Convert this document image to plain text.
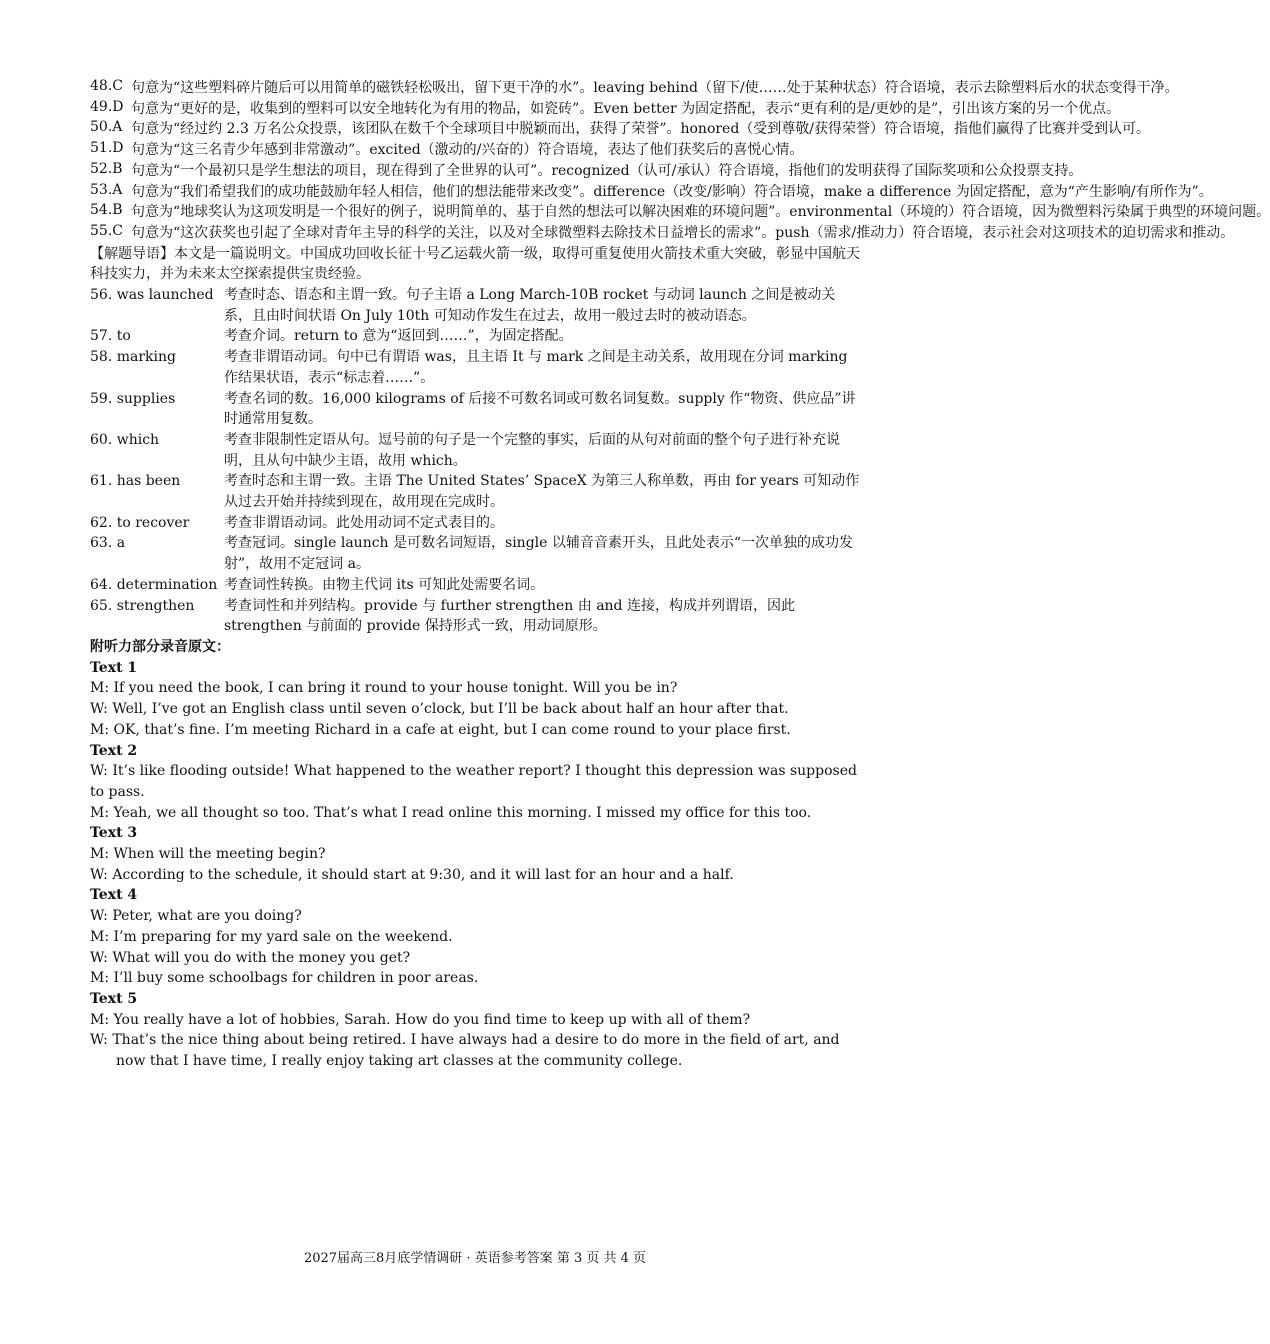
48.C 句意为“这些塑料碎片随后可以用简单的磁铁轻松吸出，留下更干净的水”。leaving behind（留下/使……处于某种状态）符合语境，表示去除塑料后水的状态变得干净。
49.D 句意为“更好的是，收集到的塑料可以安全地转化为有用的物品，如瓷砖”。Even better 为固定搭配，表示“更有利的是/更妙的是”，引出该方案的另一个优点。
50.A 句意为“经过约 2.3 万名公众投票，该团队在数千个全球项目中脱颖而出，获得了荣誉”。honored（受到尊敬/获得荣誉）符合语境，指他们赢得了比赛并受到认可。
51.D 句意为“这三名青少年感到非常激动”。excited（激动的/兴奋的）符合语境，表达了他们获奖后的喜悦心情。
52.B 句意为“一个最初只是学生想法的项目，现在得到了全世界的认可”。recognized（认可/承认）符合语境，指他们的发明获得了国际奖项和公众投票支持。
53.A 句意为“我们希望我们的成功能鼓励年轻人相信，他们的想法能带来改变”。difference（改变/影响）符合语境，make a difference 为固定搭配，意为“产生影响/有所作为”。
54.B 句意为“地球奖认为这项发明是一个很好的例子，说明简单的、基于自然的想法可以解决困难的环境问题”。environmental（环境的）符合语境，因为微塑料污染属于典型的环境问题。
55.C 句意为“这次获奖也引起了全球对青年主导的科学的关注，以及对全球微塑料去除技术日益增长的需求”。push（需求/推动力）符合语境，表示社会对这项技术的迫切需求和推动。
【解题导语】本文是一篇说明文。中国成功回收长征十号乙运载火箭一级，取得可重复使用火箭技术重大突破，彰显中国航天科技实力，并为未来太空探索提供宝贵经验。
56. was launched 考查时态、语态和主谓一致。句子主语 a Long March-10B rocket 与动词 launch 之间是被动关系，且由时间状语 On July 10th 可知动作发生在过去，故用一般过去时的被动语态。
57. to	考查介词。return to 意为“返回到……”，为固定搭配。
58. marking	考查非谓语动词。句中已有谓语 was，且主语 It 与 mark 之间是主动关系，故用现在分词 marking 作结果状语，表示“标志着……”。
59. supplies	考查名词的数。16,000 kilograms of 后接不可数名词或可数名词复数。supply 作“物资、供应品”讲时通常用复数。
60. which	考查非限制性定语从句。逗号前的句子是一个完整的事实，后面的从句对前面的整个句子进行补充说明，且从句中缺少主语，故用 which。
61. has been	考查时态和主谓一致。主语 The United States’ SpaceX 为第三人称单数，再由 for years 可知动作从过去开始并持续到现在，故用现在完成时。
62. to recover	考查非谓语动词。此处用动词不定式表目的。
63. a	考查冠词。single launch 是可数名词短语，single 以辅音音素开头，且此处表示“一次单独的成功发射”，故用不定冠词 a。
64. determination 考查词性转换。由物主代词 its 可知此处需要名词。
65. strengthen	考查词性和并列结构。provide 与 further strengthen 由 and 连接，构成并列谓语，因此 strengthen 与前面的 provide 保持形式一致，用动词原形。
附听力部分录音原文：
Text 1
M: If you need the book, I can bring it round to your house tonight. Will you be in?
W: Well, I’ve got an English class until seven o’clock, but I’ll be back about half an hour after that.
M: OK, that’s fine. I’m meeting Richard in a cafe at eight, but I can come round to your place first.
Text 2
W: It’s like flooding outside! What happened to the weather report? I thought this depression was supposed to pass.
M: Yeah, we all thought so too. That’s what I read online this morning. I missed my office for this too.
Text 3
M: When will the meeting begin?
W: According to the schedule, it should start at 9:30, and it will last for an hour and a half.
Text 4
W: Peter, what are you doing?
M: I’m preparing for my yard sale on the weekend.
W: What will you do with the money you get?
M: I’ll buy some schoolbags for children in poor areas.
Text 5
M: You really have a lot of hobbies, Sarah. How do you find time to keep up with all of them?
W: That’s the nice thing about being retired. I have always had a desire to do more in the field of art, and now that I have time, I really enjoy taking art classes at the community college.
2027届高三8月底学情调研 · 英语参考答案 第 3 页 共 4 页
